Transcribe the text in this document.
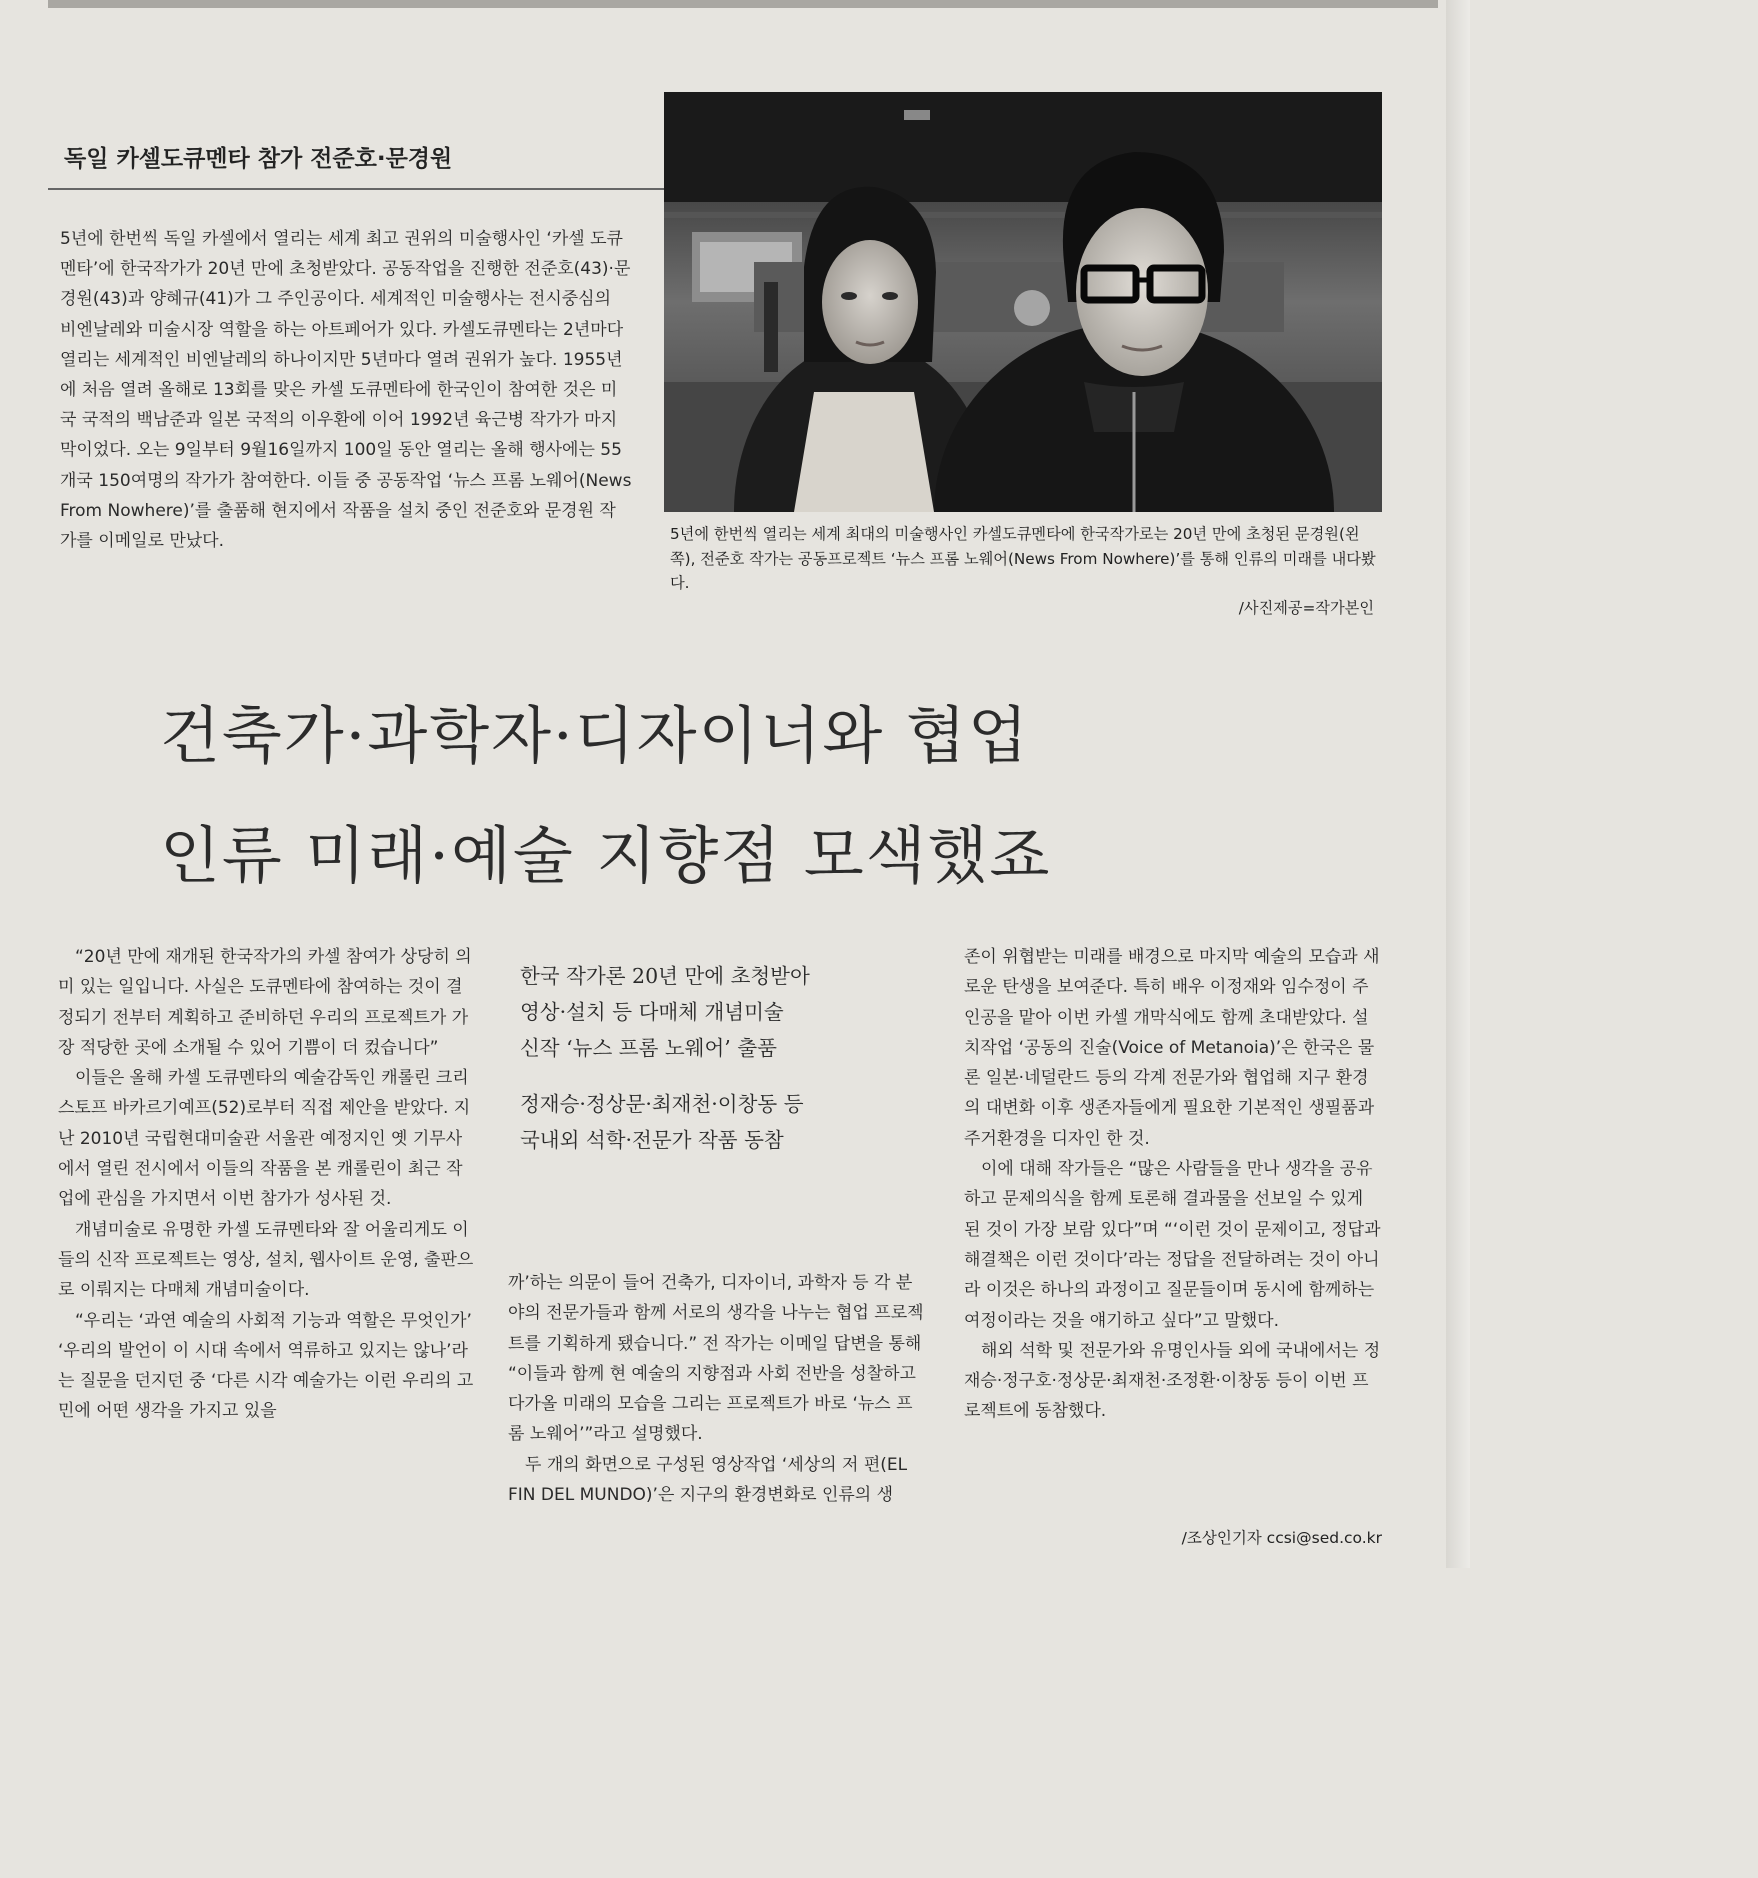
독일 카셀도큐멘타 참가 전준호·문경원
5년에 한번씩 독일 카셀에서 열리는 세계 최고 권위의 미술행사인 ‘카셀 도큐멘타’에 한국작가가 20년 만에 초청받았다. 공동작업을 진행한 전준호(43)·문경원(43)과 양혜규(41)가 그 주인공이다. 세계적인 미술행사는 전시중심의 비엔날레와 미술시장 역할을 하는 아트페어가 있다. 카셀도큐멘타는 2년마다 열리는 세계적인 비엔날레의 하나이지만 5년마다 열려 권위가 높다. 1955년에 처음 열려 올해로 13회를 맞은 카셀 도큐멘타에 한국인이 참여한 것은 미국 국적의 백남준과 일본 국적의 이우환에 이어 1992년 육근병 작가가 마지막이었다. 오는 9일부터 9월16일까지 100일 동안 열리는 올해 행사에는 55개국 150여명의 작가가 참여한다. 이들 중 공동작업 ‘뉴스 프롬 노웨어(News From Nowhere)’를 출품해 현지에서 작품을 설치 중인 전준호와 문경원 작가를 이메일로 만났다.	5년에 한번씩 열리는 세계 최대의 미술행사인 카셀도큐멘타에 한국작가로는 20년 만에 초청된 문경원(왼쪽), 전준호 작가는 공동프로젝트 ‘뉴스 프롬 노웨어(News From Nowhere)’를 통해 인류의 미래를 내다봤다.
/사진제공=작가본인
건축가·과학자·디자이너와 협업
인류 미래·예술 지향점 모색했죠

“20년 만에 재개된 한국작가의 카셀 참여가 상당히 의미 있는 일입니다. 사실은 도큐멘타에 참여하는 것이 결정되기 전부터 계획하고 준비하던 우리의 프로젝트가 가장 적당한 곳에 소개될 수 있어 기쁨이 더 컸습니다”

이들은 올해 카셀 도큐멘타의 예술감독인 캐롤린 크리스토프 바카르기예프(52)로부터 직접 제안을 받았다. 지난 2010년 국립현대미술관 서울관 예정지인 옛 기무사에서 열린 전시에서 이들의 작품을 본 캐롤린이 최근 작업에 관심을 가지면서 이번 참가가 성사된 것.

개념미술로 유명한 카셀 도큐멘타와 잘 어울리게도 이들의 신작 프로젝트는 영상, 설치, 웹사이트 운영, 출판으로 이뤄지는 다매체 개념미술이다.

“우리는 ‘과연 예술의 사회적 기능과 역할은 무엇인가’ ‘우리의 발언이 이 시대 속에서 역류하고 있지는 않나’라는 질문을 던지던 중 ‘다른 시각 예술가는 이런 우리의 고민에 어떤 생각을 가지고 있을

한국 작가론 20년 만에 초청받아
영상·설치 등 다매체 개념미술
신작 ‘뉴스 프롬 노웨어’ 출품
정재승·정상문·최재천·이창동 등
국내외 석학·전문가 작품 동참

까’하는 의문이 들어 건축가, 디자이너, 과학자 등 각 분야의 전문가들과 함께 서로의 생각을 나누는 협업 프로젝트를 기획하게 됐습니다.” 전 작가는 이메일 답변을 통해 “이들과 함께 현 예술의 지향점과 사회 전반을 성찰하고 다가올 미래의 모습을 그리는 프로젝트가 바로 ‘뉴스 프롬 노웨어’”라고 설명했다.

두 개의 화면으로 구성된 영상작업 ‘세상의 저 편(EL FIN DEL MUNDO)’은 지구의 환경변화로 인류의 생

존이 위협받는 미래를 배경으로 마지막 예술의 모습과 새로운 탄생을 보여준다. 특히 배우 이정재와 임수정이 주인공을 맡아 이번 카셀 개막식에도 함께 초대받았다. 설치작업 ‘공동의 진술(Voice of Metanoia)’은 한국은 물론 일본·네덜란드 등의 각계 전문가와 협업해 지구 환경의 대변화 이후 생존자들에게 필요한 기본적인 생필품과 주거환경을 디자인 한 것.

이에 대해 작가들은 “많은 사람들을 만나 생각을 공유하고 문제의식을 함께 토론해 결과물을 선보일 수 있게 된 것이 가장 보람 있다”며 “‘이런 것이 문제이고, 정답과 해결책은 이런 것이다’라는 정답을 전달하려는 것이 아니라 이것은 하나의 과정이고 질문들이며 동시에 함께하는 여정이라는 것을 얘기하고 싶다”고 말했다.

해외 석학 및 전문가와 유명인사들 외에 국내에서는 정재승·정구호·정상문·최재천·조정환·이창동 등이 이번 프로젝트에 동참했다.

/조상인기자 ccsi@sed.co.kr
